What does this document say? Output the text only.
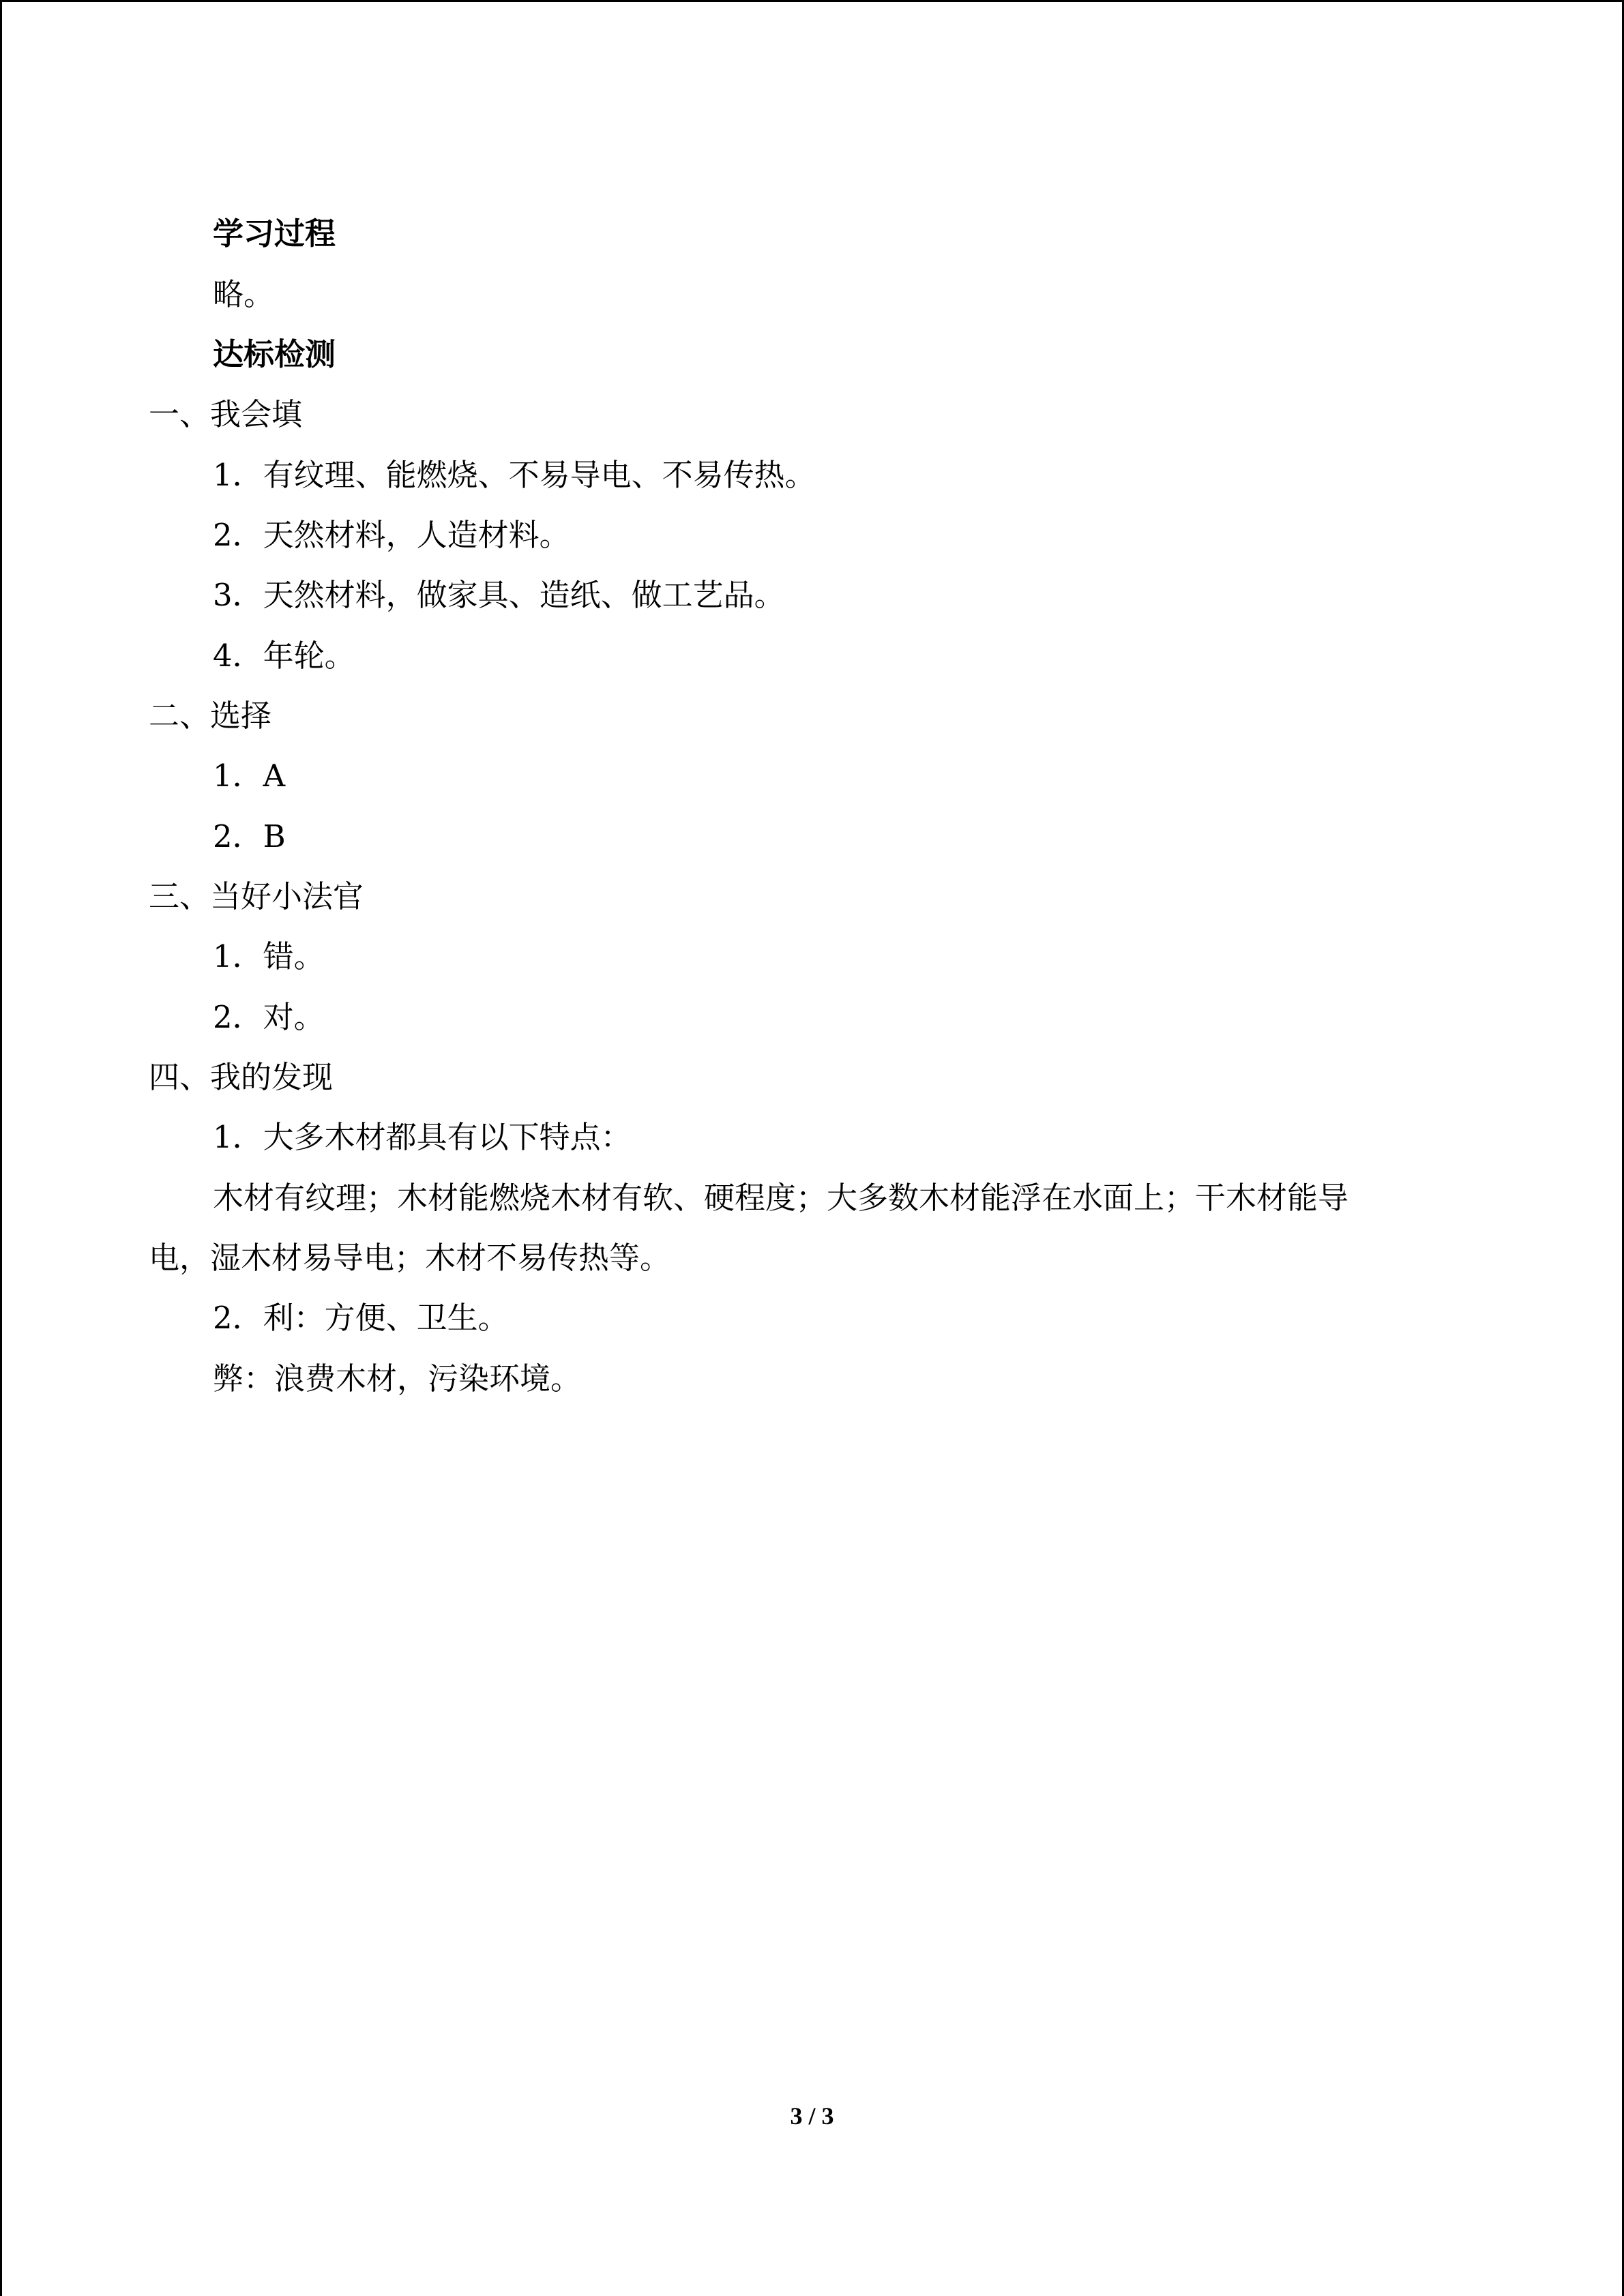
学习过程
略。
达标检测
一、我会填
1．有纹理、能燃烧、不易导电、不易传热。
2．天然材料，人造材料。
3．天然材料，做家具、造纸、做工艺品。
4．年轮。
二、选择
1．A
2．B
三、当好小法官
1．错。
2．对。
四、我的发现
1．大多木材都具有以下特点：
木材有纹理；木材能燃烧木材有软、硬程度；大多数木材能浮在水面上；干木材能导
电，湿木材易导电；木材不易传热等。
2．利：方便、卫生。
弊：浪费木材，污染环境。
3 / 3
